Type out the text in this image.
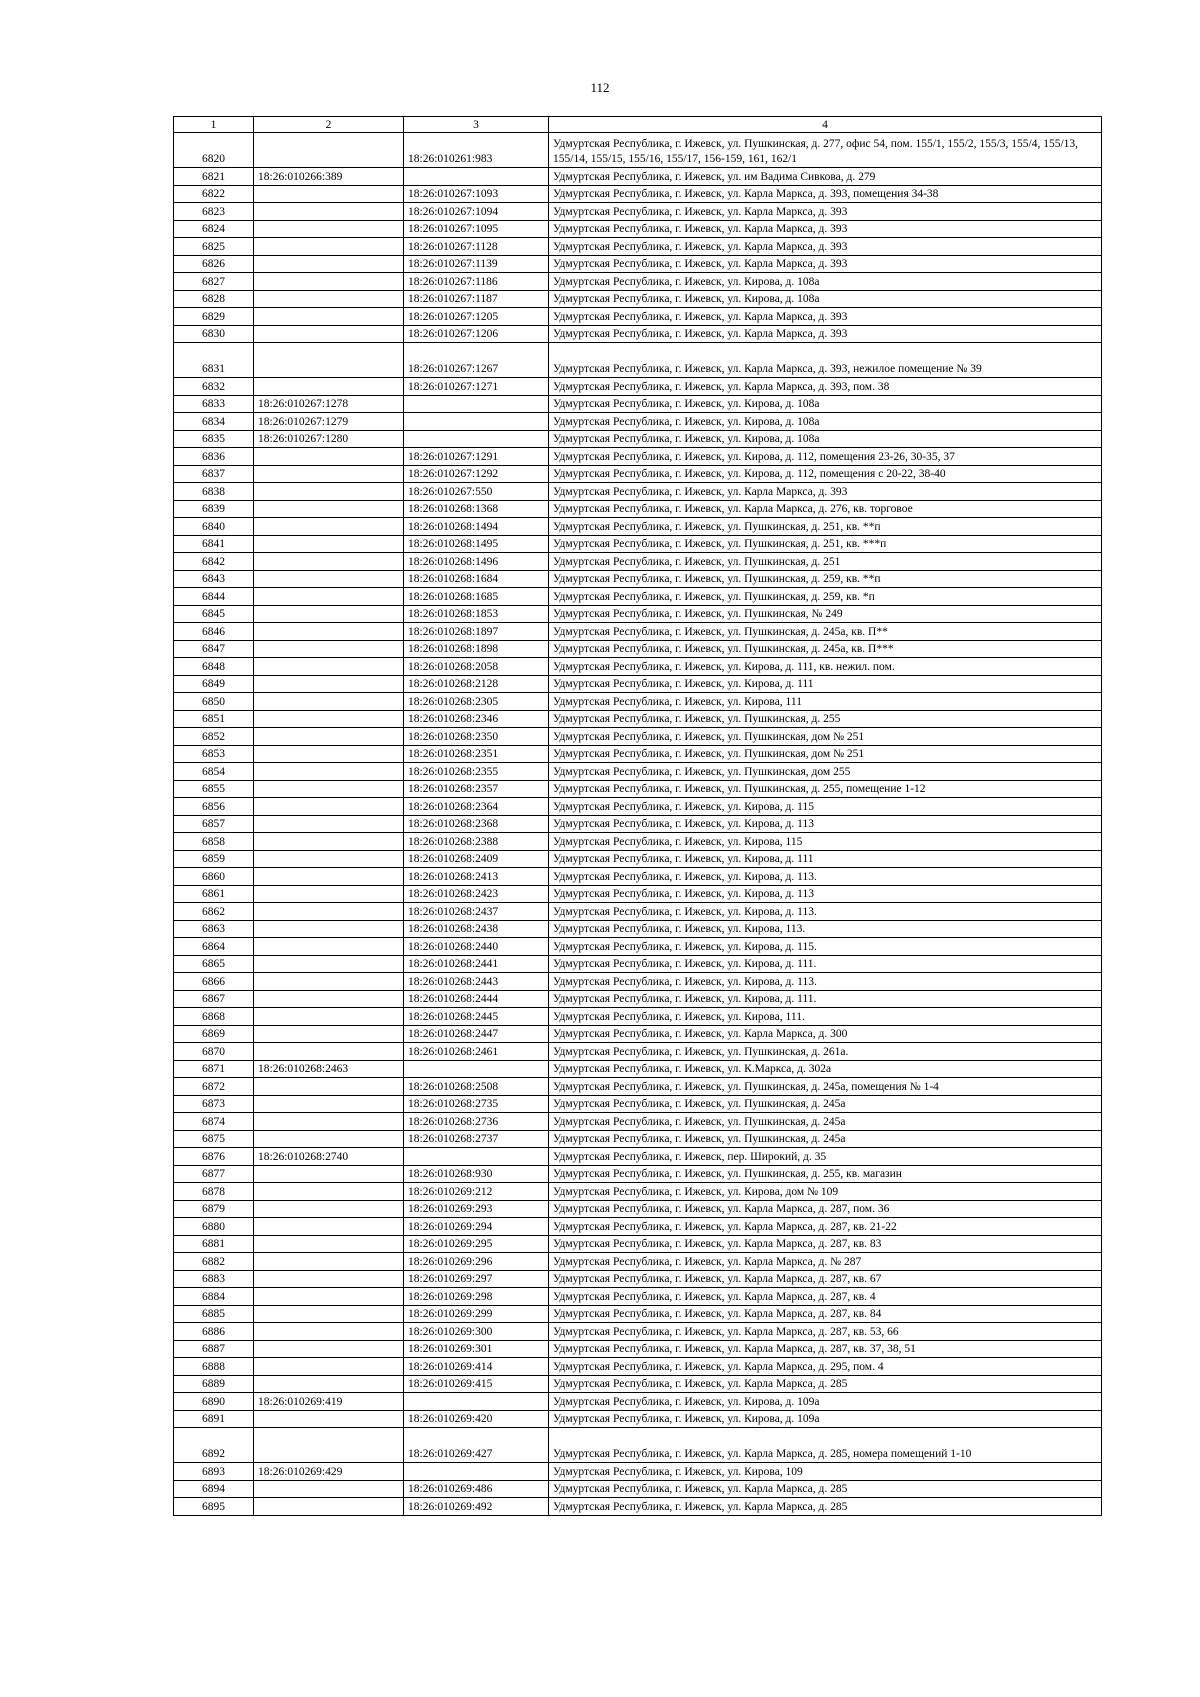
112
1	2	3	4
6820		18:26:010261:983	Удмуртская Республика, г. Ижевск, ул. Пушкинская, д. 277, офис 54, пом. 155/1, 155/2, 155/3, 155/4, 155/13, 155/14, 155/15, 155/16, 155/17, 156-159, 161, 162/1
6821	18:26:010266:389		Удмуртская Республика, г. Ижевск, ул. им Вадима Сивкова, д. 279
6822		18:26:010267:1093	Удмуртская Республика, г. Ижевск, ул. Карла Маркса, д. 393, помещения 34-38
6823		18:26:010267:1094	Удмуртская Республика, г. Ижевск, ул. Карла Маркса, д. 393
6824		18:26:010267:1095	Удмуртская Республика, г. Ижевск, ул. Карла Маркса, д. 393
6825		18:26:010267:1128	Удмуртская Республика, г. Ижевск, ул. Карла Маркса, д. 393
6826		18:26:010267:1139	Удмуртская Республика, г. Ижевск, ул. Карла Маркса, д. 393
6827		18:26:010267:1186	Удмуртская Республика, г. Ижевск, ул. Кирова, д. 108а
6828		18:26:010267:1187	Удмуртская Республика, г. Ижевск, ул. Кирова, д. 108а
6829		18:26:010267:1205	Удмуртская Республика, г. Ижевск, ул. Карла Маркса, д. 393
6830		18:26:010267:1206	Удмуртская Республика, г. Ижевск, ул. Карла Маркса, д. 393
6831		18:26:010267:1267	Удмуртская Республика, г. Ижевск, ул. Карла Маркса, д. 393, нежилое помещение № 39
6832		18:26:010267:1271	Удмуртская Республика, г. Ижевск, ул. Карла Маркса, д. 393, пом. 38
6833	18:26:010267:1278		Удмуртская Республика, г. Ижевск, ул. Кирова, д. 108а
6834	18:26:010267:1279		Удмуртская Республика, г. Ижевск, ул. Кирова, д. 108а
6835	18:26:010267:1280		Удмуртская Республика, г. Ижевск, ул. Кирова, д. 108а
6836		18:26:010267:1291	Удмуртская Республика, г. Ижевск, ул. Кирова, д. 112, помещения 23-26, 30-35, 37
6837		18:26:010267:1292	Удмуртская Республика, г. Ижевск, ул. Кирова, д. 112, помещения с 20-22, 38-40
6838		18:26:010267:550	Удмуртская Республика, г. Ижевск, ул. Карла Маркса, д. 393
6839		18:26:010268:1368	Удмуртская Республика, г. Ижевск, ул. Карла Маркса, д. 276, кв. торговое
6840		18:26:010268:1494	Удмуртская Республика, г. Ижевск, ул. Пушкинская, д. 251, кв. **п
6841		18:26:010268:1495	Удмуртская Республика, г. Ижевск, ул. Пушкинская, д. 251, кв. ***п
6842		18:26:010268:1496	Удмуртская Республика, г. Ижевск, ул. Пушкинская, д. 251
6843		18:26:010268:1684	Удмуртская Республика, г. Ижевск, ул. Пушкинская, д. 259, кв. **п
6844		18:26:010268:1685	Удмуртская Республика, г. Ижевск, ул. Пушкинская, д. 259, кв. *п
6845		18:26:010268:1853	Удмуртская Республика, г. Ижевск, ул. Пушкинская, № 249
6846		18:26:010268:1897	Удмуртская Республика, г. Ижевск, ул. Пушкинская, д. 245а, кв. П**
6847		18:26:010268:1898	Удмуртская Республика, г. Ижевск, ул. Пушкинская, д. 245а, кв. П***
6848		18:26:010268:2058	Удмуртская Республика, г. Ижевск, ул. Кирова, д. 111, кв. нежил. пом.
6849		18:26:010268:2128	Удмуртская Республика, г. Ижевск, ул. Кирова, д. 111
6850		18:26:010268:2305	Удмуртская Республика, г. Ижевск, ул. Кирова, 111
6851		18:26:010268:2346	Удмуртская Республика, г. Ижевск, ул. Пушкинская, д. 255
6852		18:26:010268:2350	Удмуртская Республика, г. Ижевск, ул. Пушкинская, дом № 251
6853		18:26:010268:2351	Удмуртская Республика, г. Ижевск, ул. Пушкинская, дом № 251
6854		18:26:010268:2355	Удмуртская Республика, г. Ижевск, ул. Пушкинская, дом 255
6855		18:26:010268:2357	Удмуртская Республика, г. Ижевск, ул. Пушкинская, д. 255, помещение 1-12
6856		18:26:010268:2364	Удмуртская Республика, г. Ижевск, ул. Кирова, д. 115
6857		18:26:010268:2368	Удмуртская Республика, г. Ижевск, ул. Кирова, д. 113
6858		18:26:010268:2388	Удмуртская Республика, г. Ижевск, ул. Кирова, 115
6859		18:26:010268:2409	Удмуртская Республика, г. Ижевск, ул. Кирова, д. 111
6860		18:26:010268:2413	Удмуртская Республика, г. Ижевск, ул. Кирова, д. 113.
6861		18:26:010268:2423	Удмуртская Республика, г. Ижевск, ул. Кирова, д. 113
6862		18:26:010268:2437	Удмуртская Республика, г. Ижевск, ул. Кирова, д. 113.
6863		18:26:010268:2438	Удмуртская Республика, г. Ижевск, ул. Кирова, 113.
6864		18:26:010268:2440	Удмуртская Республика, г. Ижевск, ул. Кирова, д. 115.
6865		18:26:010268:2441	Удмуртская Республика, г. Ижевск, ул. Кирова, д. 111.
6866		18:26:010268:2443	Удмуртская Республика, г. Ижевск, ул. Кирова, д. 113.
6867		18:26:010268:2444	Удмуртская Республика, г. Ижевск, ул. Кирова, д. 111.
6868		18:26:010268:2445	Удмуртская Республика, г. Ижевск, ул. Кирова, 111.
6869		18:26:010268:2447	Удмуртская Республика, г. Ижевск, ул. Карла Маркса, д. 300
6870		18:26:010268:2461	Удмуртская Республика, г. Ижевск, ул. Пушкинская, д. 261а.
6871	18:26:010268:2463		Удмуртская Республика, г. Ижевск, ул. К.Маркса, д. 302а
6872		18:26:010268:2508	Удмуртская Республика, г. Ижевск, ул. Пушкинская, д. 245а, помещения № 1-4
6873		18:26:010268:2735	Удмуртская Республика, г. Ижевск, ул. Пушкинская, д. 245а
6874		18:26:010268:2736	Удмуртская Республика, г. Ижевск, ул. Пушкинская, д. 245а
6875		18:26:010268:2737	Удмуртская Республика, г. Ижевск, ул. Пушкинская, д. 245а
6876	18:26:010268:2740		Удмуртская Республика, г. Ижевск, пер. Широкий, д. 35
6877		18:26:010268:930	Удмуртская Республика, г. Ижевск, ул. Пушкинская, д. 255, кв. магазин
6878		18:26:010269:212	Удмуртская Республика, г. Ижевск, ул. Кирова, дом № 109
6879		18:26:010269:293	Удмуртская Республика, г. Ижевск, ул. Карла Маркса, д. 287, пом. 36
6880		18:26:010269:294	Удмуртская Республика, г. Ижевск, ул. Карла Маркса, д. 287, кв. 21-22
6881		18:26:010269:295	Удмуртская Республика, г. Ижевск, ул. Карла Маркса, д. 287, кв. 83
6882		18:26:010269:296	Удмуртская Республика, г. Ижевск, ул. Карла Маркса, д. № 287
6883		18:26:010269:297	Удмуртская Республика, г. Ижевск, ул. Карла Маркса, д. 287, кв. 67
6884		18:26:010269:298	Удмуртская Республика, г. Ижевск, ул. Карла Маркса, д. 287, кв. 4
6885		18:26:010269:299	Удмуртская Республика, г. Ижевск, ул. Карла Маркса, д. 287, кв. 84
6886		18:26:010269:300	Удмуртская Республика, г. Ижевск, ул. Карла Маркса, д. 287, кв. 53, 66
6887		18:26:010269:301	Удмуртская Республика, г. Ижевск, ул. Карла Маркса, д. 287, кв. 37, 38, 51
6888		18:26:010269:414	Удмуртская Республика, г. Ижевск, ул. Карла Маркса, д. 295, пом. 4
6889		18:26:010269:415	Удмуртская Республика, г. Ижевск, ул. Карла Маркса, д. 285
6890	18:26:010269:419		Удмуртская Республика, г. Ижевск, ул. Кирова, д. 109а
6891		18:26:010269:420	Удмуртская Республика, г. Ижевск, ул. Кирова, д. 109а
6892		18:26:010269:427	Удмуртская Республика, г. Ижевск, ул. Карла Маркса, д. 285, номера помещений 1-10
6893	18:26:010269:429		Удмуртская Республика, г. Ижевск, ул. Кирова, 109
6894		18:26:010269:486	Удмуртская Республика, г. Ижевск, ул. Карла Маркса, д. 285
6895		18:26:010269:492	Удмуртская Республика, г. Ижевск, ул. Карла Маркса, д. 285
